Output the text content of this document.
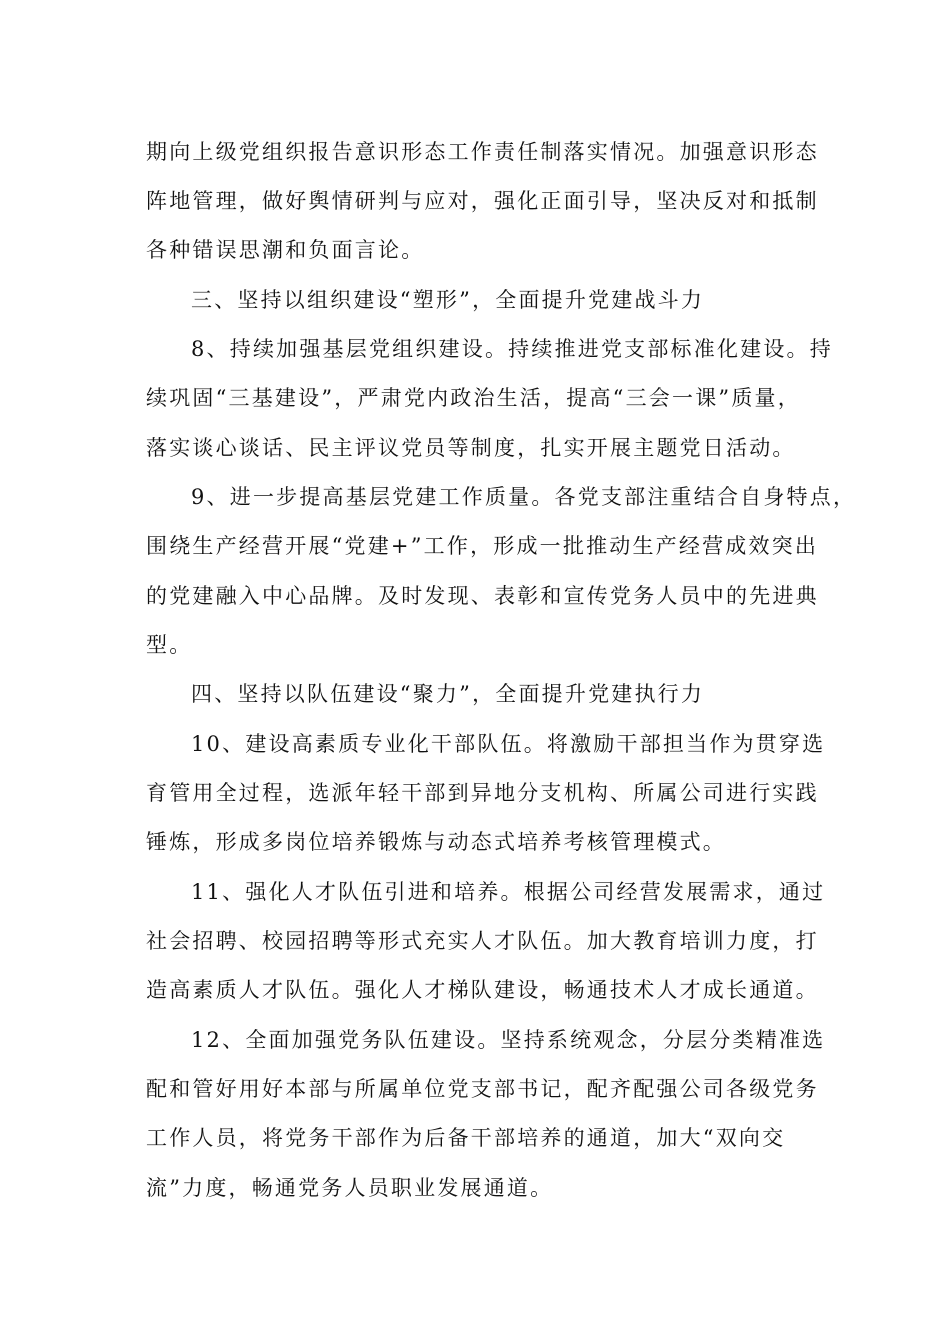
期向上级党组织报告意识形态工作责任制落实情况。加强意识形态
阵地管理，做好舆情研判与应对，强化正面引导，坚决反对和抵制
各种错误思潮和负面言论。
三、坚持以组织建设“塑形”，全面提升党建战斗力
8、持续加强基层党组织建设。持续推进党支部标准化建设。持
续巩固“三基建设”，严肃党内政治生活，提高“三会一课”质量，
落实谈心谈话、民主评议党员等制度，扎实开展主题党日活动。
9、进一步提高基层党建工作质量。各党支部注重结合自身特点，
围绕生产经营开展“党建+”工作，形成一批推动生产经营成效突出
的党建融入中心品牌。及时发现、表彰和宣传党务人员中的先进典
型。
四、坚持以队伍建设“聚力”，全面提升党建执行力
10、建设高素质专业化干部队伍。将激励干部担当作为贯穿选
育管用全过程，选派年轻干部到异地分支机构、所属公司进行实践
锤炼，形成多岗位培养锻炼与动态式培养考核管理模式。
11、强化人才队伍引进和培养。根据公司经营发展需求，通过
社会招聘、校园招聘等形式充实人才队伍。加大教育培训力度，打
造高素质人才队伍。强化人才梯队建设，畅通技术人才成长通道。
12、全面加强党务队伍建设。坚持系统观念，分层分类精准选
配和管好用好本部与所属单位党支部书记，配齐配强公司各级党务
工作人员，将党务干部作为后备干部培养的通道，加大“双向交
流”力度，畅通党务人员职业发展通道。
